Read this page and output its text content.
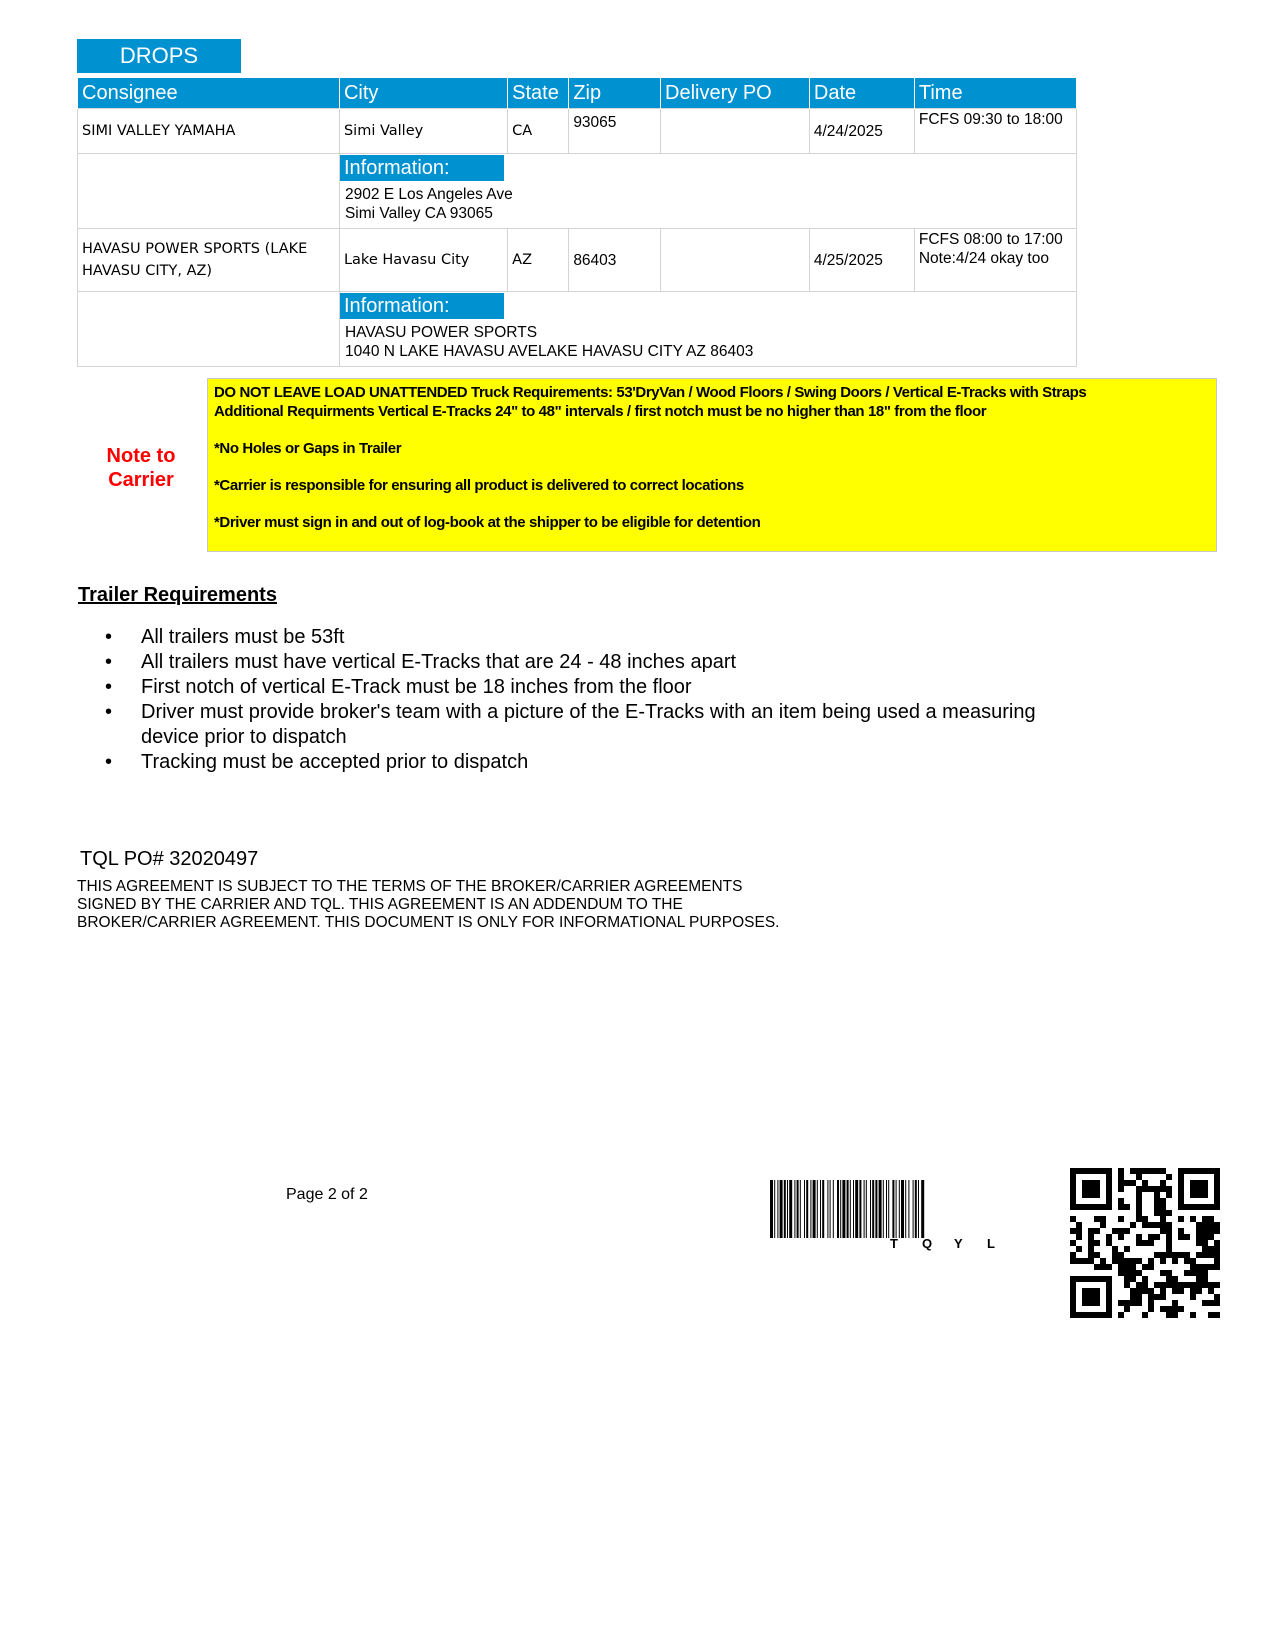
DROPS
Consignee	City	State	Zip	Delivery PO	Date	Time
SIMI VALLEY YAMAHA	Simi Valley	CA	93065		4/24/2025	FCFS 09:30 to 18:00

	Information:
2902 E Los Angeles Ave
Simi Valley CA 93065					

HAVASU POWER SPORTS (LAKE HAVASU CITY, AZ)	Lake Havasu City	AZ	86403		4/25/2025	FCFS 08:00 to 17:00 Note:4/24 okay too

	Information:
HAVASU POWER SPORTS
1040 N LAKE HAVASU AVELAKE HAVASU CITY AZ 86403					
Note to Carrier

DO NOT LEAVE LOAD UNATTENDED Truck Requirements: 53'DryVan / Wood Floors / Swing Doors / Vertical E-Tracks with Straps

Additional Requirments Vertical E-Tracks 24" to 48" intervals / first notch must be no higher than 18" from the floor

*No Holes or Gaps in Trailer

*Carrier is responsible for ensuring all product is delivered to correct locations

*Driver must sign in and out of log-book at the shipper to be eligible for detention

Trailer Requirements
• All trailers must be 53ft
• All trailers must have vertical E-Tracks that are 24 - 48 inches apart
• First notch of vertical E-Track must be 18 inches from the floor
• Driver must provide broker's team with a picture of the E-Tracks with an item being used a measuring device prior to dispatch
• Tracking must be accepted prior to dispatch
TQL PO# 32020497
THIS AGREEMENT IS SUBJECT TO THE TERMS OF THE BROKER/CARRIER AGREEMENTS SIGNED BY THE CARRIER AND TQL. THIS AGREEMENT IS AN ADDENDUM TO THE BROKER/CARRIER AGREEMENT. THIS DOCUMENT IS ONLY FOR INFORMATIONAL PURPOSES.
Page 2 of 2
T Q Y L
